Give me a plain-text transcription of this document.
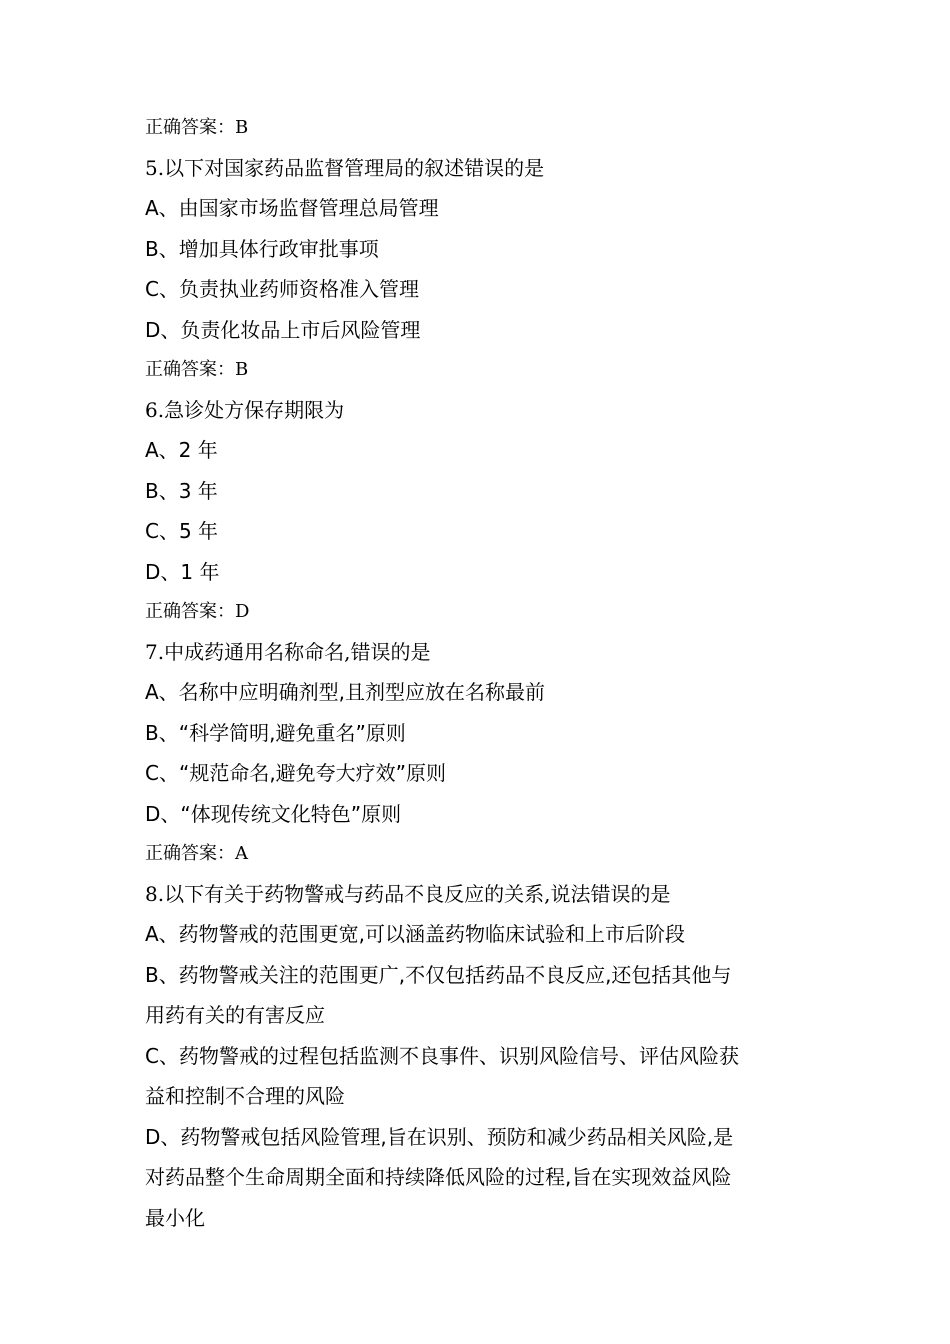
正确答案：B
5.以下对国家药品监督管理局的叙述错误的是
A、由国家市场监督管理总局管理
B、增加具体行政审批事项
C、负责执业药师资格准入管理
D、负责化妆品上市后风险管理
正确答案：B
6.急诊处方保存期限为
A、2 年
B、3 年
C、5 年
D、1 年
正确答案：D
7.中成药通用名称命名,错误的是
A、名称中应明确剂型,且剂型应放在名称最前
B、“科学简明,避免重名”原则
C、“规范命名,避免夸大疗效”原则
D、“体现传统文化特色”原则
正确答案：A
8.以下有关于药物警戒与药品不良反应的关系,说法错误的是
A、药物警戒的范围更宽,可以涵盖药物临床试验和上市后阶段
B、药物警戒关注的范围更广,不仅包括药品不良反应,还包括其他与
用药有关的有害反应
C、药物警戒的过程包括监测不良事件、识别风险信号、评估风险获
益和控制不合理的风险
D、药物警戒包括风险管理,旨在识别、预防和减少药品相关风险,是
对药品整个生命周期全面和持续降低风险的过程,旨在实现效益风险
最小化
